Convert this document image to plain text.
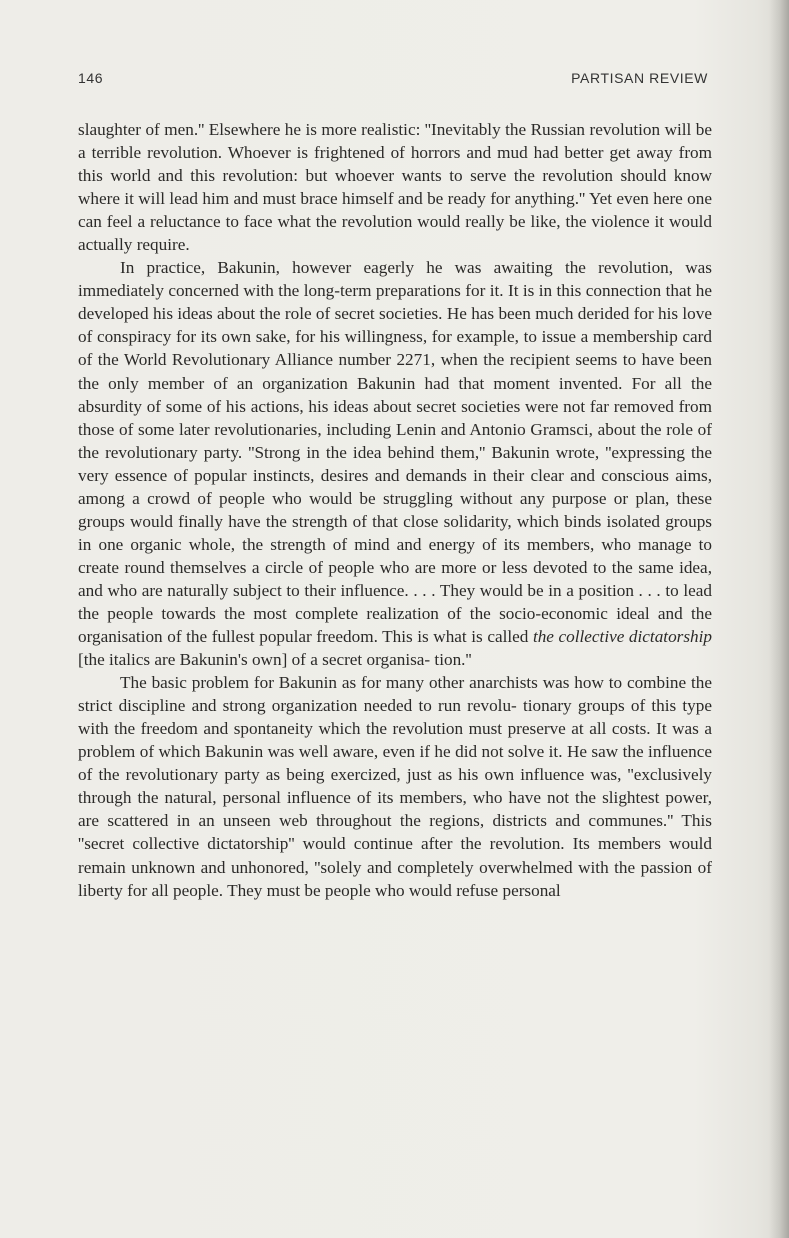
146	PARTISAN REVIEW

slaughter of men.'' Elsewhere he is more realistic: ''Inevitably the Russian revolution will be a terrible revolution. Whoever is frightened of horrors and mud had better get away from this world and this revolution: but whoever wants to serve the revolution should know where it will lead him and must brace himself and be ready for anything.'' Yet even here one can feel a reluctance to face what the revolution would really be like, the violence it would actually require.

In practice, Bakunin, however eagerly he was awaiting the revolution, was immediately concerned with the long-term preparations for it. It is in this connection that he developed his ideas about the role of secret societies. He has been much derided for his love of conspiracy for its own sake, for his willingness, for example, to issue a membership card of the World Revolutionary Alliance number 2271, when the recipient seems to have been the only member of an organization Bakunin had that moment invented. For all the absurdity of some of his actions, his ideas about secret societies were not far removed from those of some later revolutionaries, including Lenin and Antonio Gramsci, about the role of the revolutionary party. ''Strong in the idea behind them,'' Bakunin wrote, ''expressing the very essence of popular instincts, desires and demands in their clear and conscious aims, among a crowd of people who would be struggling without any purpose or plan, these groups would finally have the strength of that close solidarity, which binds isolated groups in one organic whole, the strength of mind and energy of its members, who manage to create round themselves a circle of people who are more or less devoted to the same idea, and who are naturally subject to their influence. . . . They would be in a position . . . to lead the people towards the most complete realization of the socio-economic ideal and the organisation of the fullest popular freedom. This is what is called the collective dictatorship [the italics are Bakunin's own] of a secret organisa- tion.''

The basic problem for Bakunin as for many other anarchists was how to combine the strict discipline and strong organization needed to run revolu- tionary groups of this type with the freedom and spontaneity which the revolution must preserve at all costs. It was a problem of which Bakunin was well aware, even if he did not solve it. He saw the influence of the revolutionary party as being exercized, just as his own influence was, ''exclusively through the natural, personal influence of its members, who have not the slightest power, are scattered in an unseen web throughout the regions, districts and communes.'' This ''secret collective dictatorship'' would continue after the revolution. Its members would remain unknown and unhonored, ''solely and completely overwhelmed with the passion of liberty for all people. They must be people who would refuse personal
